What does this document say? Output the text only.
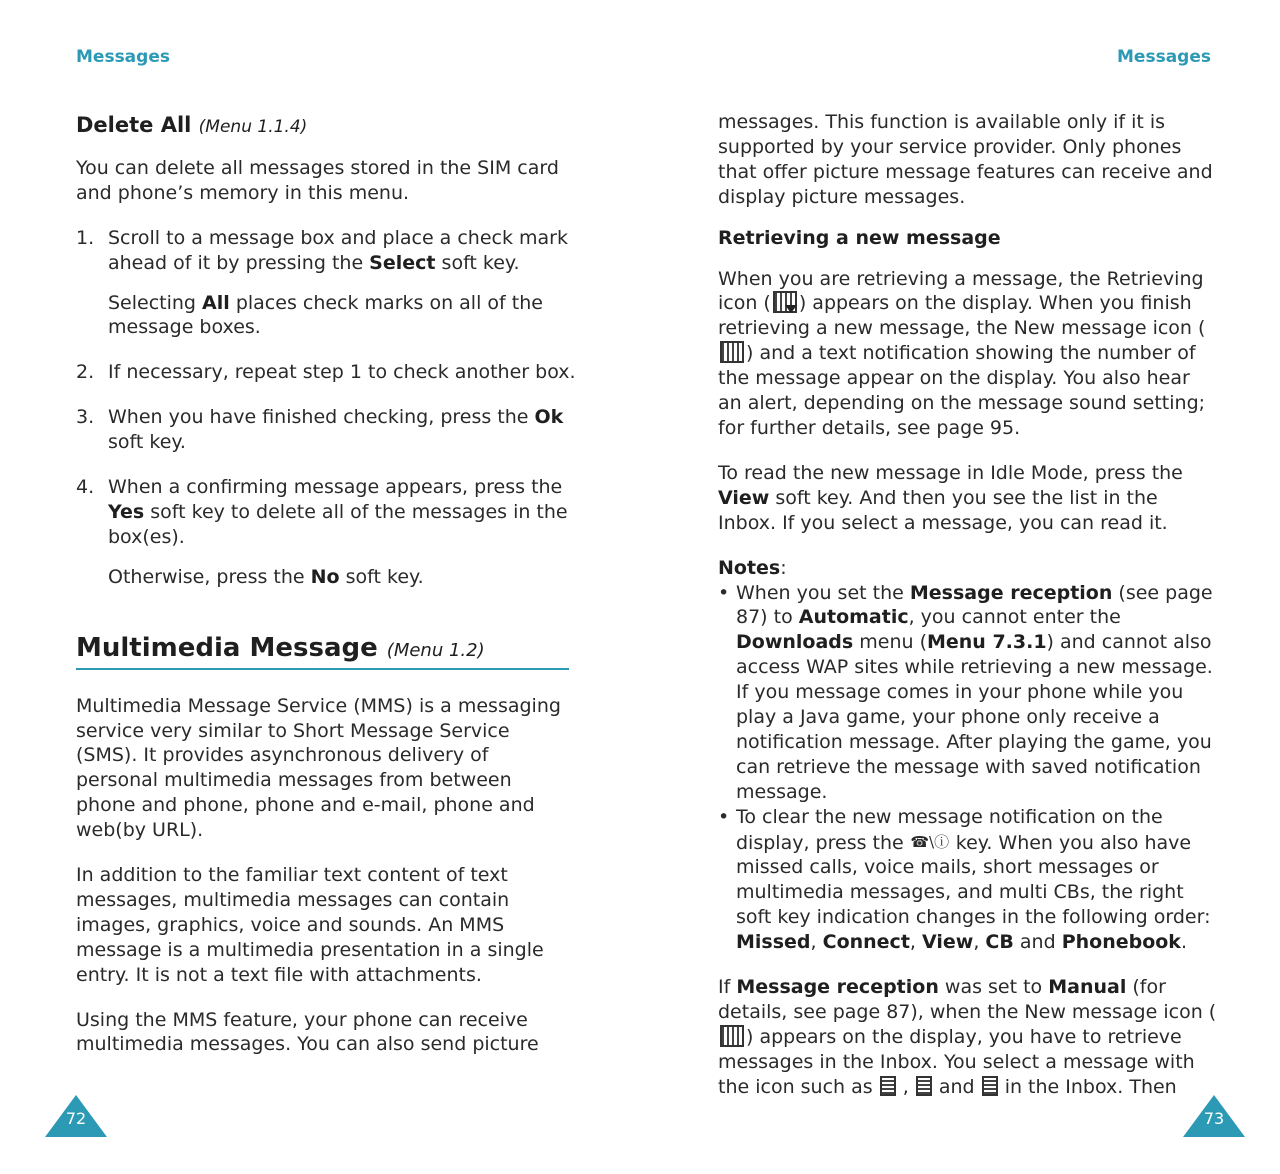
Messages
Delete All (Menu 1.1.4)

You can delete all messages stored in the SIM card and phone’s memory in this menu.

1. Scroll to a message box and place a check mark ahead of it by pressing the Select soft key.
Selecting All places check marks on all of the message boxes.
2. If necessary, repeat step 1 to check another box.
3. When you have finished checking, press the Ok soft key.
4. When a confirming message appears, press the Yes soft key to delete all of the messages in the box(es).
Otherwise, press the No soft key.
Multimedia Message (Menu 1.2)

Multimedia Message Service (MMS) is a messaging service very similar to Short Message Service (SMS). It provides asynchronous delivery of personal multimedia messages from between phone and phone, phone and e-mail, phone and web(by URL).

In addition to the familiar text content of text messages, multimedia messages can contain images, graphics, voice and sounds. An MMS message is a multimedia presentation in a single entry. It is not a text file with attachments.

Using the MMS feature, your phone can receive multimedia messages. You can also send picture

72
Messages

messages. This function is available only if it is supported by your service provider. Only phones that offer picture message features can receive and display picture messages.

Retrieving a new message

When you are retrieving a message, the Retrieving icon ( ) appears on the display. When you finish retrieving a new message, the New message icon () and a text notification showing the number of the message appear on the display. You also hear an alert, depending on the message sound setting; for further details, see page 95.

To read the new message in Idle Mode, press the View soft key. And then you see the list in the Inbox. If you select a message, you can read it.

Notes:

• When you set the Message reception (see page 87) to Automatic, you cannot enter the Downloads menu (Menu 7.3.1) and cannot also access WAP sites while retrieving a new message. If you message comes in your phone while you play a Java game, your phone only receive a notification message. After playing the game, you can retrieve the message with saved notification message.
• To clear the new message notification on the display, press the ☎\ⓘ key. When you also have missed calls, voice mails, short messages or multimedia messages, and multi CBs, the right soft key indication changes in the following order: Missed, Connect, View, CB and Phonebook.

If Message reception was set to Manual (for details, see page 87), when the New message icon () appears on the display, you have to retrieve messages in the Inbox. You select a message with the icon such as  ,  and  in the Inbox. Then

73
